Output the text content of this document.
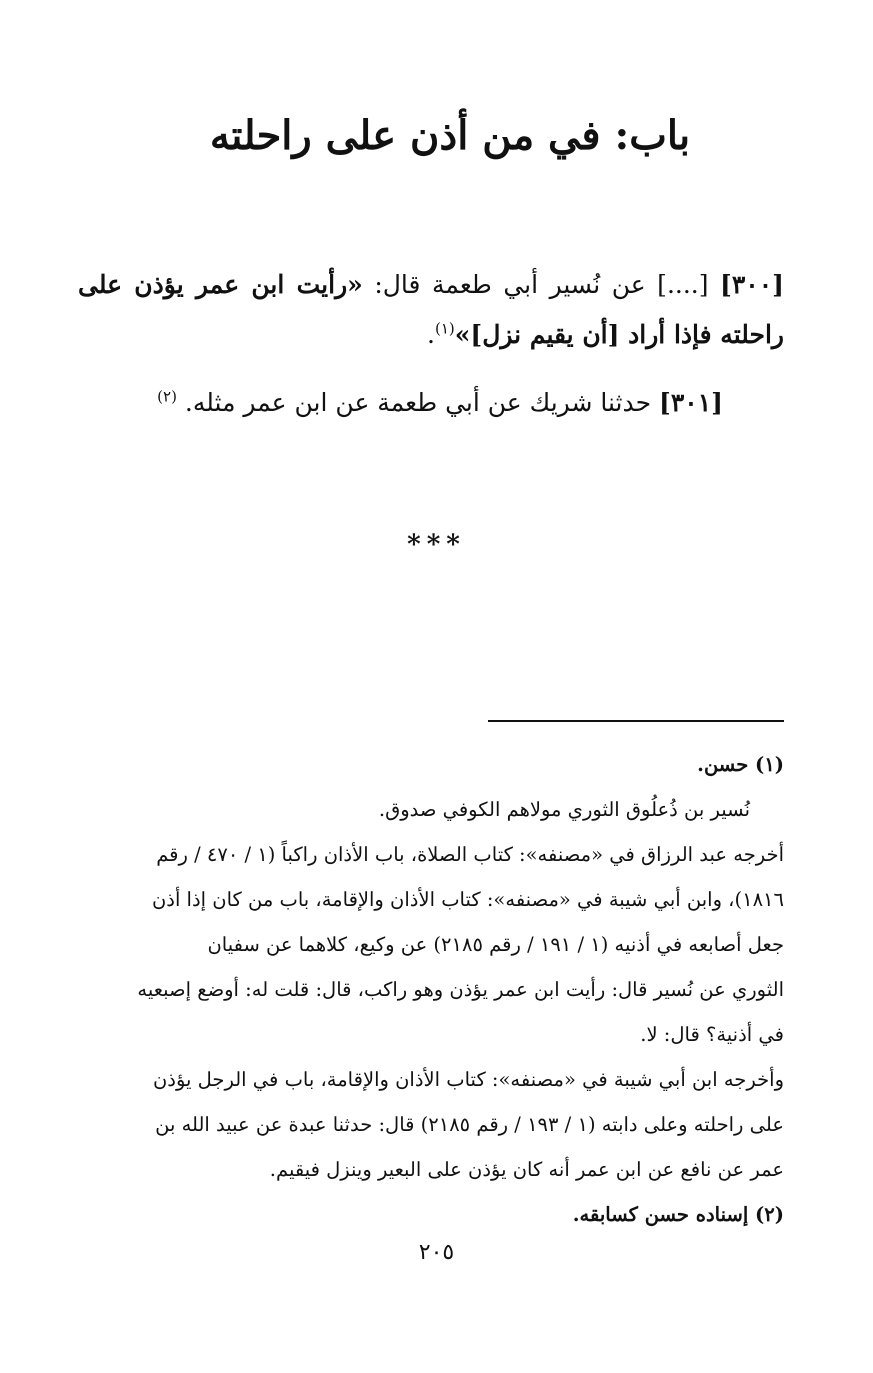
باب: في من أذن على راحلته
[٣٠٠] [....] عن نُسير أبي طعمة قال: «رأيت ابن عمر يؤذن على راحلته فإذا أراد [أن يقيم نزل]»$^{(١)}$.
[٣٠١] حدثنا شريك عن أبي طعمة عن ابن عمر مثله. $^{(٢)}$
***
(١) حسن.
نُسير بن ذُعلُوق الثوري مولاهم الكوفي صدوق.
أخرجه عبد الرزاق في «مصنفه»: كتاب الصلاة، باب الأذان راكباً (١ / ٤٧٠ / رقم
١٨١٦)، وابن أبي شيبة في «مصنفه»: كتاب الأذان والإقامة، باب من كان إذا أذن
جعل أصابعه في أذنيه (١ / ١٩١ / رقم ٢١٨٥) عن وكيع، كلاهما عن سفيان
الثوري عن نُسير قال: رأيت ابن عمر يؤذن وهو راكب، قال: قلت له: أوضع إصبعيه
في أذنية؟ قال: لا.
وأخرجه ابن أبي شيبة في «مصنفه»: كتاب الأذان والإقامة، باب في الرجل يؤذن
على راحلته وعلى دابته (١ / ١٩٣ / رقم ٢١٨٥) قال: حدثنا عبدة عن عبيد الله بن
عمر عن نافع عن ابن عمر أنه كان يؤذن على البعير وينزل فيقيم.
(٢) إسناده حسن كسابقه.
٢٠٥
